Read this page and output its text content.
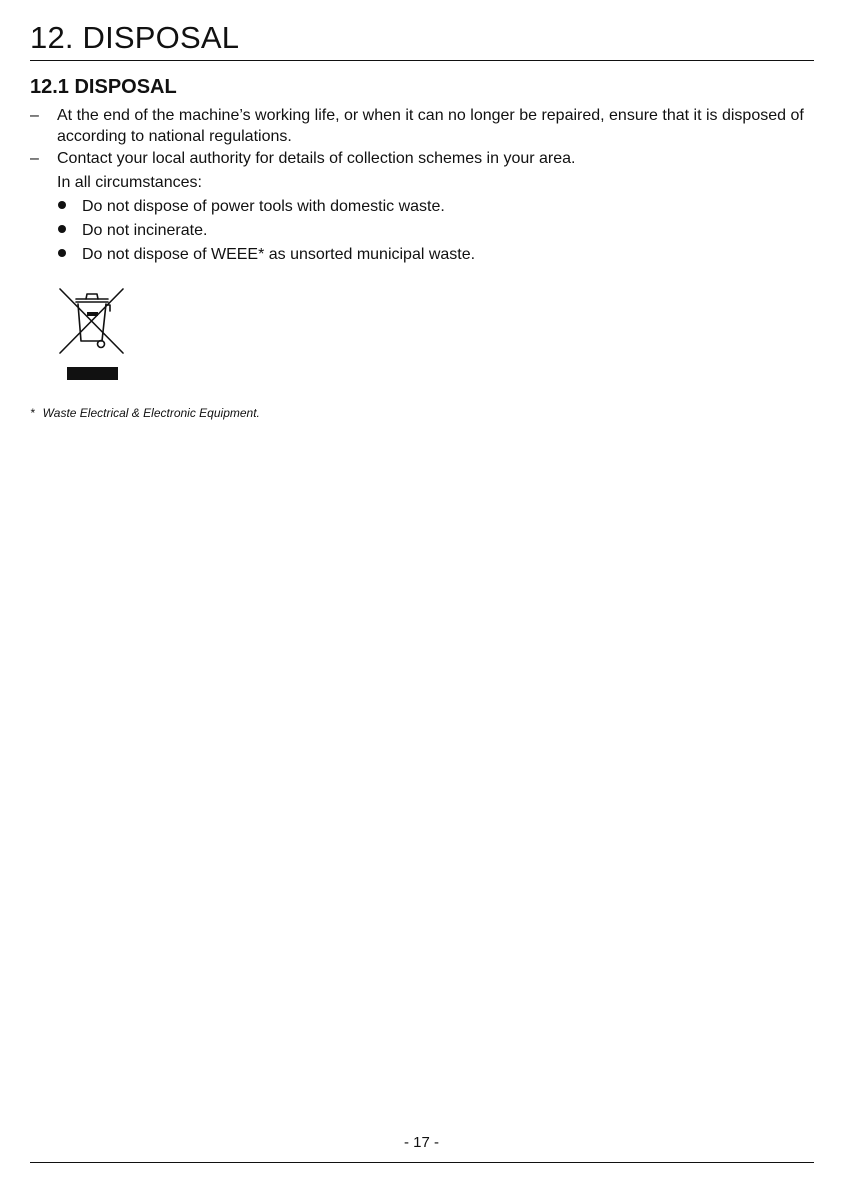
12. DISPOSAL
12.1 DISPOSAL
– At the end of the machine’s working life, or when it can no longer be repaired, ensure that it is disposed of according to national regulations.
– Contact your local authority for details of collection schemes in your area.
In all circumstances:
Do not dispose of power tools with domestic waste.
Do not incinerate.
Do not dispose of WEEE* as unsorted municipal waste.
* Waste Electrical & Electronic Equipment.
- 17 -
